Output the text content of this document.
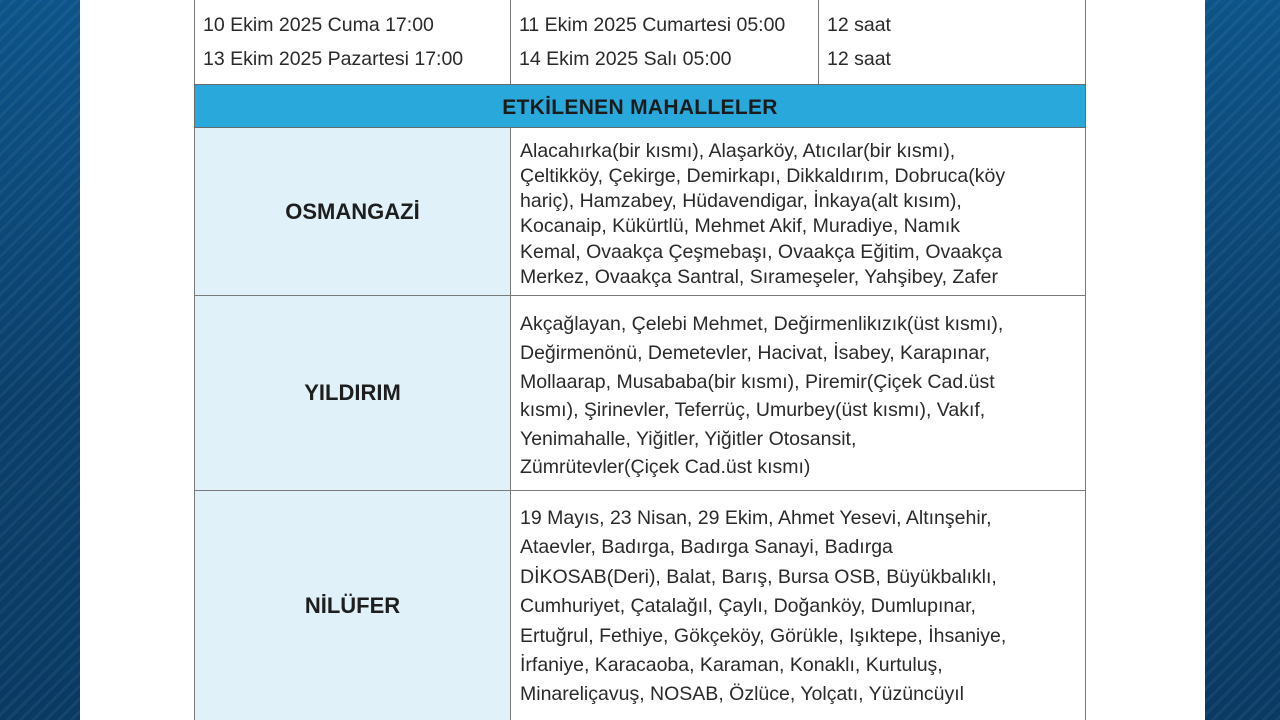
10 Ekim 2025 Cuma 17:00
13 Ekim 2025 Pazartesi 17:00
11 Ekim 2025 Cumartesi 05:00
14 Ekim 2025 Salı 05:00
12 saat
12 saat
ETKİLENEN MAHALLELER
OSMANGAZİ
Alacahırka(bir kısmı), Alaşarköy, Atıcılar(bir kısmı),
Çeltikköy, Çekirge, Demirkapı, Dikkaldırım, Dobruca(köy
hariç), Hamzabey, Hüdavendigar, İnkaya(alt kısım),
Kocanaip, Kükürtlü, Mehmet Akif, Muradiye, Namık
Kemal, Ovaakça Çeşmebaşı, Ovaakça Eğitim, Ovaakça
Merkez, Ovaakça Santral, Sırameşeler, Yahşibey, Zafer
YILDIRIM
Akçağlayan, Çelebi Mehmet, Değirmenlikızık(üst kısmı),
Değirmenönü, Demetevler, Hacivat, İsabey, Karapınar,
Mollaarap, Musababa(bir kısmı), Piremir(Çiçek Cad.üst
kısmı), Şirinevler, Teferrüç, Umurbey(üst kısmı), Vakıf,
Yenimahalle, Yiğitler, Yiğitler Otosansit,
Zümrütevler(Çiçek Cad.üst kısmı)
NİLÜFER
19 Mayıs, 23 Nisan, 29 Ekim, Ahmet Yesevi, Altınşehir,
Ataevler, Badırga, Badırga Sanayi, Badırga
DİKOSAB(Deri), Balat, Barış, Bursa OSB, Büyükbalıklı,
Cumhuriyet, Çatalağıl, Çaylı, Doğanköy, Dumlupınar,
Ertuğrul, Fethiye, Gökçeköy, Görükle, Işıktepe, İhsaniye,
İrfaniye, Karacaoba, Karaman, Konaklı, Kurtuluş,
Minareliçavuş, NOSAB, Özlüce, Yolçatı, Yüzüncüyıl
